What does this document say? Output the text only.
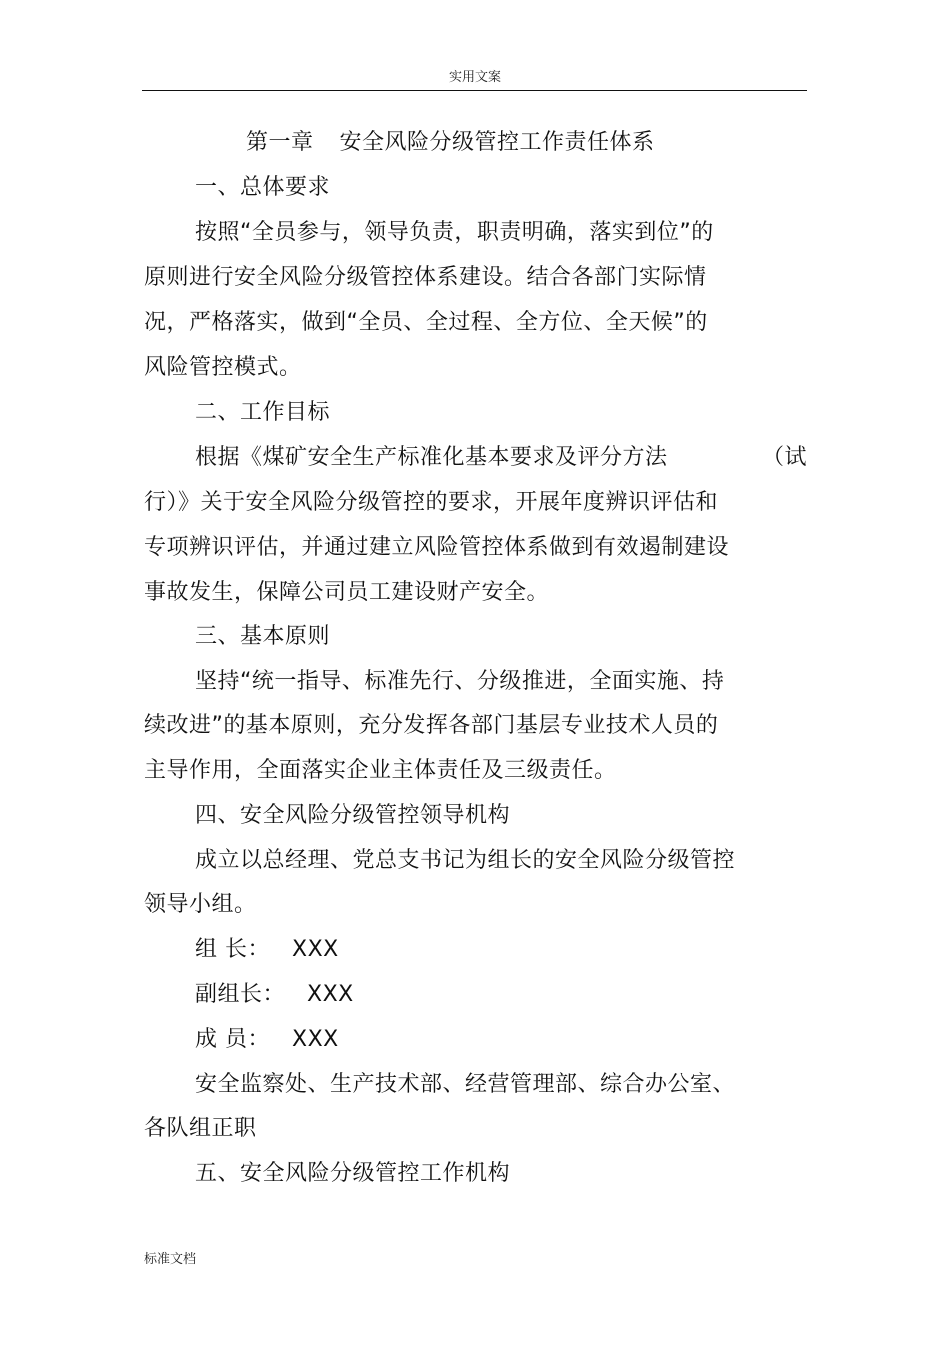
实用文案
第一章 安全风险分级管控工作责任体系
一、总体要求
按照“全员参与，领导负责，职责明确，落实到位”的
原则进行安全风险分级管控体系建设。结合各部门实际情
况，严格落实，做到“全员、全过程、全方位、全天候”的
风险管控模式。
二、工作目标
根据《煤矿安全生产标准化基本要求及评分方法	（试
行）》关于安全风险分级管控的要求，开展年度辨识评估和
专项辨识评估，并通过建立风险管控体系做到有效遏制建设
事故发生，保障公司员工建设财产安全。
三、基本原则
坚持“统一指导、标准先行、分级推进，全面实施、持
续改进”的基本原则，充分发挥各部门基层专业技术人员的
主导作用，全面落实企业主体责任及三级责任。
四、安全风险分级管控领导机构
成立以总经理、党总支书记为组长的安全风险分级管控
领导小组。
组 长： XXX
副组长： XXX
成 员： XXX
安全监察处、生产技术部、经营管理部、综合办公室、
各队组正职
五、安全风险分级管控工作机构
标准文档
